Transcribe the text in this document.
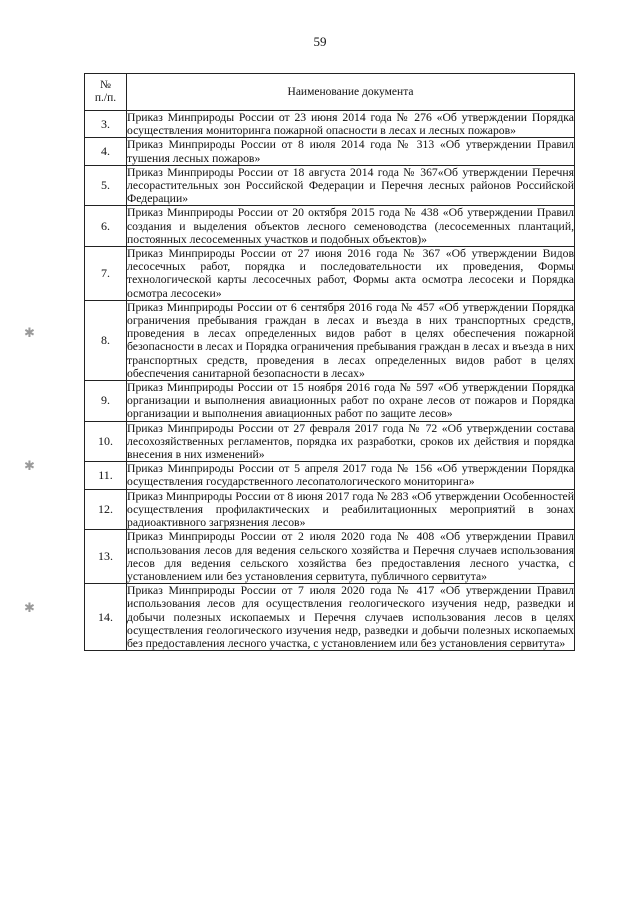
59
✱
✱
✱
№
п./п.	Наименование документа
3.	Приказ Минприроды России от 23 июня 2014 года № 276 «Об утверждении Порядка осуществления мониторинга пожарной опасности в лесах и лесных пожаров»
4.	Приказ Минприроды России от 8 июля 2014 года № 313 «Об утверждении Правил тушения лесных пожаров»
5.	Приказ Минприроды России от 18 августа 2014 года № 367«Об утверждении Перечня лесорастительных зон Российской Федерации и Перечня лесных районов Российской Федерации»
6.	Приказ Минприроды России от 20 октября 2015 года № 438 «Об утверждении Правил создания и выделения объектов лесного семеноводства (лесосеменных плантаций, постоянных лесосеменных участков и подобных объектов)»
7.	Приказ Минприроды России от 27 июня 2016 года № 367 «Об утверждении Видов лесосечных работ, порядка и последовательности их проведения, Формы технологической карты лесосечных работ, Формы акта осмотра лесосеки и Порядка осмотра лесосеки»
8.	Приказ Минприроды России от 6 сентября 2016 года № 457 «Об утверждении Порядка ограничения пребывания граждан в лесах и въезда в них транспортных средств, проведения в лесах определенных видов работ в целях обеспечения пожарной безопасности в лесах и Порядка ограничения пребывания граждан в лесах и въезда в них транспортных средств, проведения в лесах определенных видов работ в целях обеспечения санитарной безопасности в лесах»
9.	Приказ Минприроды России от 15 ноября 2016 года № 597 «Об утверждении Порядка организации и выполнения авиационных работ по охране лесов от пожаров и Порядка организации и выполнения авиационных работ по защите лесов»
10.	Приказ Минприроды России от 27 февраля 2017 года № 72 «Об утверждении состава лесохозяйственных регламентов, порядка их разработки, сроков их действия и порядка внесения в них изменений»
11.	Приказ Минприроды России от 5 апреля 2017 года № 156 «Об утверждении Порядка осуществления государственного лесопатологического мониторинга»
12.	Приказ Минприроды России от 8 июня 2017 года № 283 «Об утверждении Особенностей осуществления профилактических и реабилитационных мероприятий в зонах радиоактивного загрязнения лесов»
13.	Приказ Минприроды России от 2 июля 2020 года № 408 «Об утверждении Правил использования лесов для ведения сельского хозяйства и Перечня случаев использования лесов для ведения сельского хозяйства без предоставления лесного участка, с установлением или без установления сервитута, публичного сервитута»
14.	Приказ Минприроды России от 7 июля 2020 года № 417 «Об утверждении Правил использования лесов для осуществления геологического изучения недр, разведки и добычи полезных ископаемых и Перечня случаев использования лесов в целях осуществления геологического изучения недр, разведки и добычи полезных ископаемых без предоставления лесного участка, с установлением или без установления сервитута»
